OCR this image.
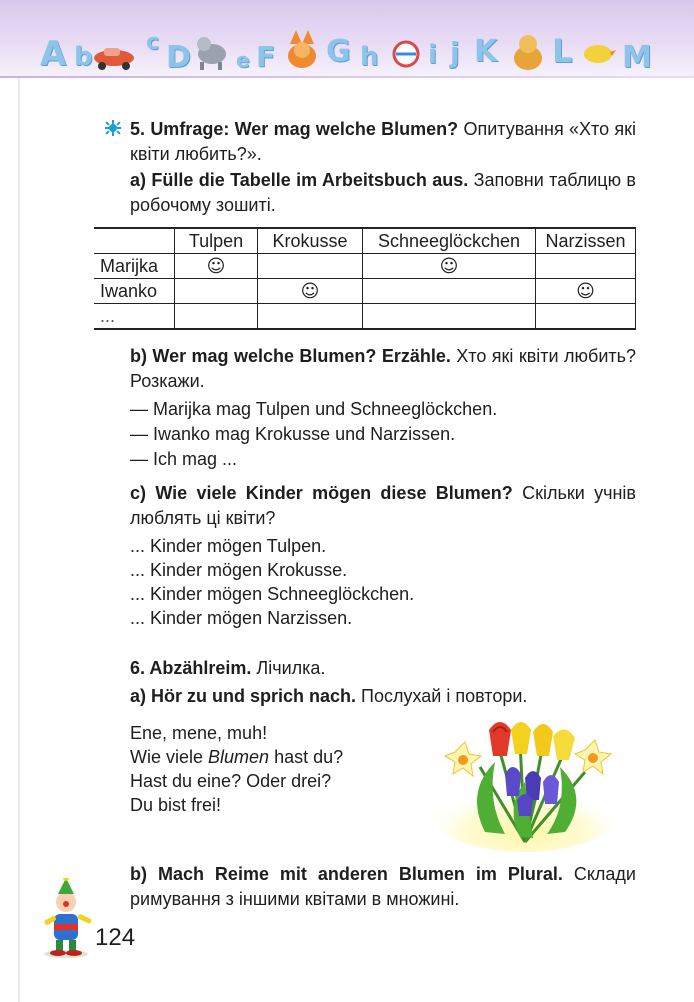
A b c D e F G h i j K L M

5. Umfrage: Wer mag welche Blumen? Опитування «Хто які квіти любить?».

a) Fülle die Tabelle im Arbeitsbuch aus. Заповни таблицю в робочому зошиті.

	Tulpen	Krokusse	Schneeglöckchen	Narzissen
Marijka	☺		☺	
Iwanko		☺		☺
...				

b) Wer mag welche Blumen? Erzähle. Хто які квіти любить? Розкажи.

— Marijka mag Tulpen und Schneeglöckchen.

— Iwanko mag Krokusse und Narzissen.

— Ich mag ...

c) Wie viele Kinder mögen diese Blumen? Скільки учнів люблять ці квіти?

... Kinder mögen Tulpen.

... Kinder mögen Krokusse.

... Kinder mögen Schneeglöckchen.

... Kinder mögen Narzissen.

6. Abzählreim. Лічилка.

a) Hör zu und sprich nach. Послухай і повтори.

Ene, mene, muh!

Wie viele Blumen hast du?

Hast du eine? Oder drei?

Du bist frei!

b) Mach Reime mit anderen Blumen im Plural. Склади римування з іншими квітами в множині.

124
